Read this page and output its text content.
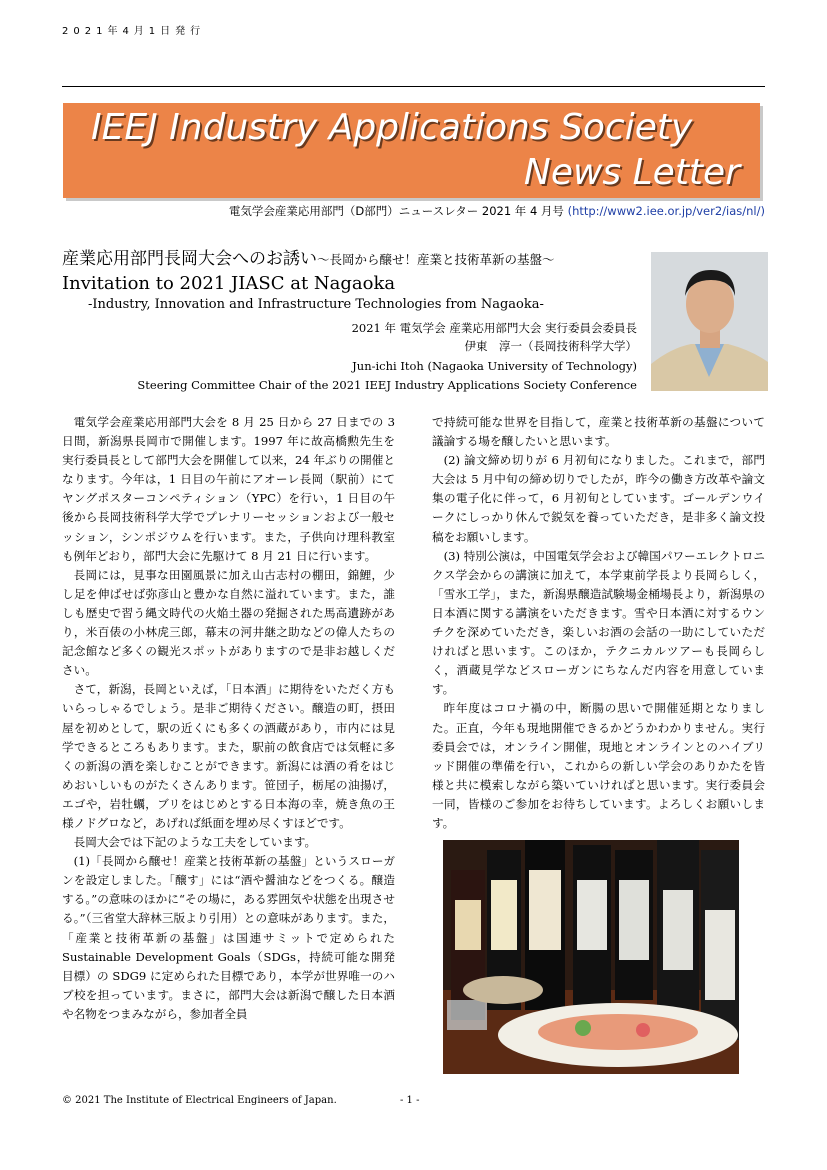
2021年4月1日発行
IEEJ Industry Applications Society
News Letter
電気学会産業応用部門（D部門）ニュースレター 2021 年 4 月号 (http://www2.iee.or.jp/ver2/ias/nl/)
産業応用部門長岡大会へのお誘い～長岡から醸せ！産業と技術革新の基盤～
Invitation to 2021 JIASC at Nagaoka
-Industry, Innovation and Infrastructure Technologies from Nagaoka-
2021 年 電気学会 産業応用部門大会 実行委員会委員長
伊東　淳一（長岡技術科学大学）
Jun-ichi Itoh (Nagaoka University of Technology)
Steering Committee Chair of the 2021 IEEJ Industry Applications Society Conference

電気学会産業応用部門大会を 8 月 25 日から 27 日までの 3 日間，新潟県長岡市で開催します。1997 年に故高橋勲先生を実行委員長として部門大会を開催して以来，24 年ぶりの開催となります。今年は，1 日目の午前にアオーレ長岡（駅前）にてヤングポスターコンペティション（YPC）を行い，1 日目の午後から長岡技術科学大学でプレナリーセッションおよび一般セッション，シンポジウムを行います。また，子供向け理科教室も例年どおり，部門大会に先駆けて 8 月 21 日に行います。

長岡には，見事な田園風景に加え山古志村の棚田，錦鯉，少し足を伸ばせば弥彦山と豊かな自然に溢れています。また，誰しも歴史で習う縄文時代の火焔土器の発掘された馬高遺跡があり，米百俵の小林虎三郎，幕末の河井継之助などの偉人たちの記念館など多くの観光スポットがありますので是非お越しください。

さて，新潟，長岡といえば，「日本酒」に期待をいただく方もいらっしゃるでしょう。是非ご期待ください。醸造の町，摂田屋を初めとして，駅の近くにも多くの酒蔵があり，市内には見学できるところもあります。また，駅前の飲食店では気軽に多くの新潟の酒を楽しむことができます。新潟には酒の肴をはじめおいしいものがたくさんあります。笹団子，栃尾の油揚げ，エゴや，岩牡蠣，ブリをはじめとする日本海の幸，焼き魚の王様ノドグロなど，あげれば紙面を埋め尽くすほどです。

長岡大会では下記のような工夫をしています。

(1)「長岡から醸せ！産業と技術革新の基盤」というスローガンを設定しました。「醸す」には“酒や醤油などをつくる。醸造する。”の意味のほかに“その場に，ある雰囲気や状態を出現させる。”（三省堂大辞林三版より引用）との意味があります。また，「産業と技術革新の基盤」は国連サミットで定められた Sustainable Development Goals（SDGs，持続可能な開発目標）の SDG9 に定められた目標であり，本学が世界唯一のハブ校を担っています。まさに，部門大会は新潟で醸した日本酒や名物をつまみながら，参加者全員

で持続可能な世界を目指して，産業と技術革新の基盤について議論する場を醸したいと思います。

(2) 論文締め切りが 6 月初旬になりました。これまで，部門大会は 5 月中旬の締め切りでしたが，昨今の働き方改革や論文集の電子化に伴って，6 月初旬としています。ゴールデンウイークにしっかり休んで鋭気を養っていただき，是非多く論文投稿をお願いします。

(3) 特別公演は，中国電気学会および韓国パワーエレクトロニクス学会からの講演に加えて，本学東前学長より長岡らしく，「雪氷工学」，また，新潟県醸造試験場金桶場長より，新潟県の日本酒に関する講演をいただきます。雪や日本酒に対するウンチクを深めていただき，楽しいお酒の会話の一助にしていただければと思います。このほか，テクニカルツアーも長岡らしく，酒蔵見学などスローガンにちなんだ内容を用意しています。

昨年度はコロナ禍の中，断腸の思いで開催延期となりました。正直，今年も現地開催できるかどうかわかりません。実行委員会では，オンライン開催，現地とオンラインとのハイブリッド開催の準備を行い，これからの新しい学会のありかたを皆様と共に模索しながら築いていければと思います。実行委員会一同，皆様のご参加をお待ちしています。よろしくお願いします。

© 2021 The Institute of Electrical Engineers of Japan.	- 1 -
